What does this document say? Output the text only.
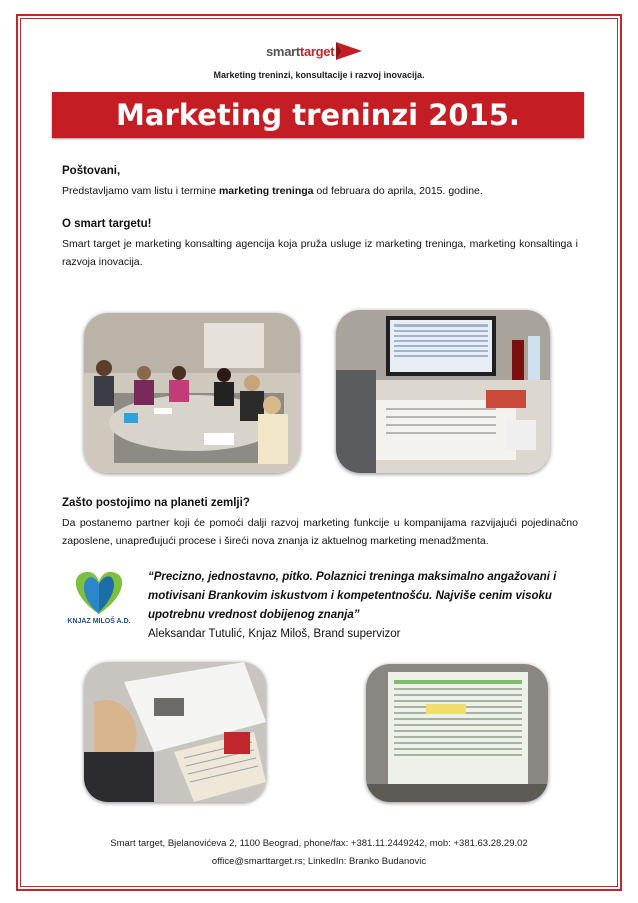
smarttarget
Marketing treninzi, konsultacije i razvoj inovacija.
Marketing treninzi 2015. godine.
Poštovani,
Predstavljamo vam listu i termine marketing treninga od februara do aprila, 2015. godine.
O smart targetu!
Smart target je marketing konsalting agencija koja pruža usluge iz marketing treninga, marketing konsaltinga i razvoja inovacija.
Zašto postojimo na planeti zemlji?
Da postanemo partner koji će pomoći dalji razvoj marketing funkcije u kompanijama razvijajući pojedinačno zaposlene, unapređujući procese i šireći nova znanja iz aktuelnog marketing menadžmenta.
KNJAZ MILOŠ A.D.
“Precizno, jednostavno, pitko. Polaznici treninga maksimalno angažovani i motivisani Brankovim iskustvom i kompetentnošću. Najviše cenim visoku upotrebnu vrednost dobijenog znanja”
Aleksandar Tutulić, Knjaz Miloš, Brand supervizor
Smart target, Bjelanovićeva 2, 1100 Beograd, phone/fax: +381.11.2449242, mob: +381.63.28.29.02
office@smarttarget.rs; LinkedIn: Branko Budanovic
